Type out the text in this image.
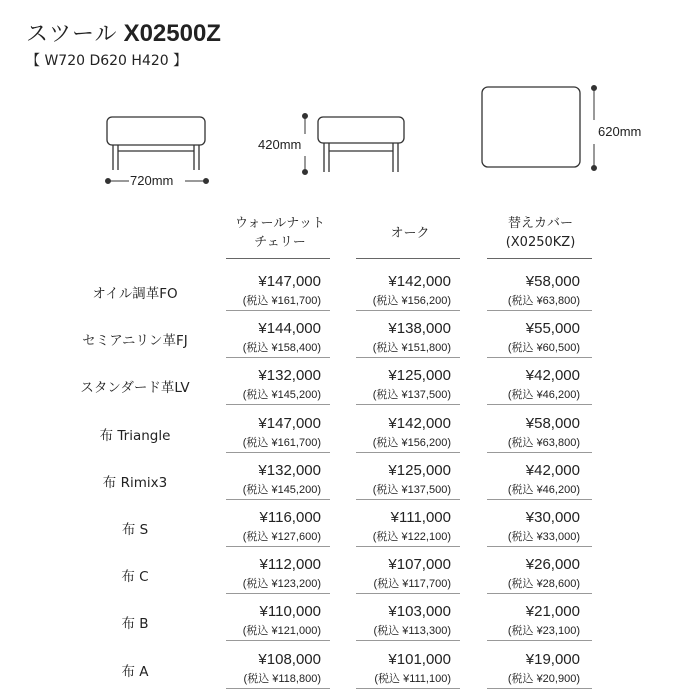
スツール X02500Z
【 W720 D620 H420 】
720mm
420mm
620mm
ウォールナット
チェリー
オーク
替えカバー
(X0250KZ)
オイル調革FO
¥147,000
(税込 ¥161,700)
¥142,000
(税込 ¥156,200)
¥58,000
(税込 ¥63,800)
セミアニリン革FJ
¥144,000
(税込 ¥158,400)
¥138,000
(税込 ¥151,800)
¥55,000
(税込 ¥60,500)
スタンダード革LV
¥132,000
(税込 ¥145,200)
¥125,000
(税込 ¥137,500)
¥42,000
(税込 ¥46,200)
布 Triangle
¥147,000
(税込 ¥161,700)
¥142,000
(税込 ¥156,200)
¥58,000
(税込 ¥63,800)
布 Rimix3
¥132,000
(税込 ¥145,200)
¥125,000
(税込 ¥137,500)
¥42,000
(税込 ¥46,200)
布 S
¥116,000
(税込 ¥127,600)
¥111,000
(税込 ¥122,100)
¥30,000
(税込 ¥33,000)
布 C
¥112,000
(税込 ¥123,200)
¥107,000
(税込 ¥117,700)
¥26,000
(税込 ¥28,600)
布 B
¥110,000
(税込 ¥121,000)
¥103,000
(税込 ¥113,300)
¥21,000
(税込 ¥23,100)
布 A
¥108,000
(税込 ¥118,800)
¥101,000
(税込 ¥111,100)
¥19,000
(税込 ¥20,900)
